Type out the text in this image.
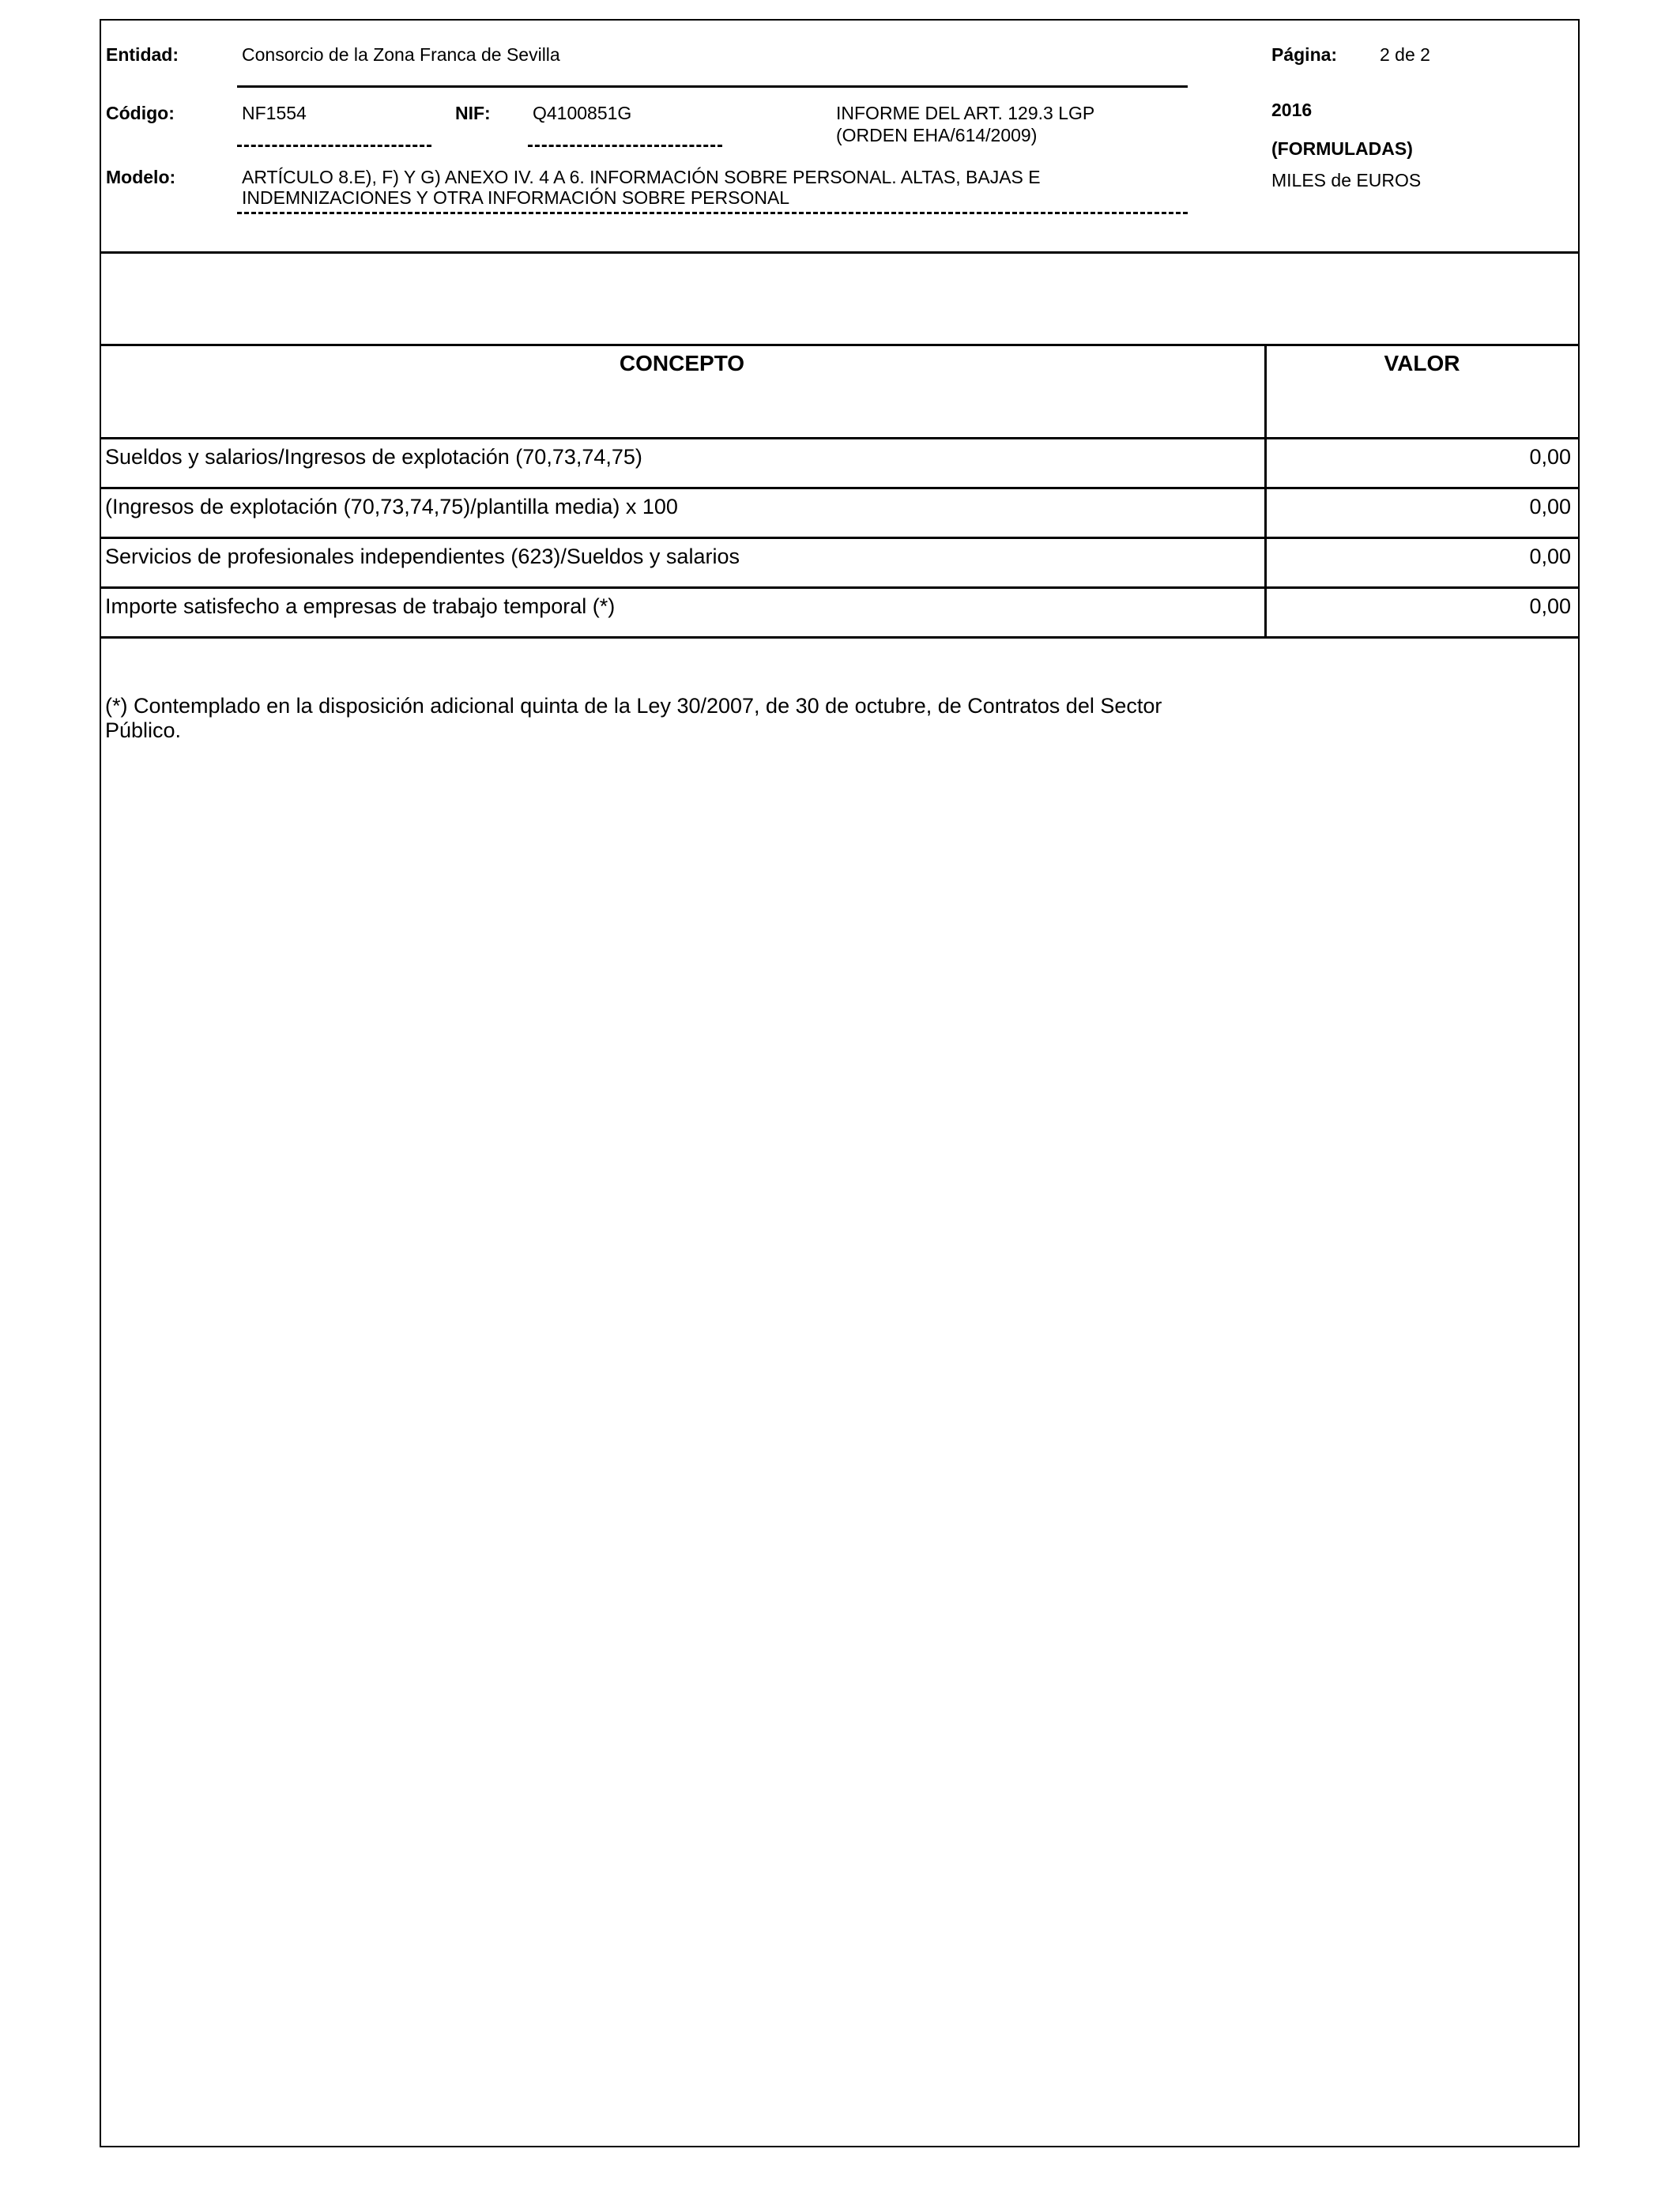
Entidad:	Consorcio de la Zona Franca de Sevilla	Página: 2 de 2
Código:	NF1554	NIF: Q4100851G	INFORME DEL ART. 129.3 LGP
(ORDEN EHA/614/2009)
2016
(FORMULADAS)
MILES de EUROS
Modelo:	ARTÍCULO 8.E), F) Y G) ANEXO IV. 4 A 6. INFORMACIÓN SOBRE PERSONAL. ALTAS, BAJAS E
INDEMNIZACIONES Y OTRA INFORMACIÓN SOBRE PERSONAL
CONCEPTO	VALOR
Sueldos y salarios/Ingresos de explotación (70,73,74,75)	0,00
(Ingresos de explotación (70,73,74,75)/plantilla media) x 100	0,00
Servicios de profesionales independientes (623)/Sueldos y salarios	0,00
Importe satisfecho a empresas de trabajo temporal (*)	0,00
(*) Contemplado en la disposición adicional quinta de la Ley 30/2007, de 30 de octubre, de Contratos del Sector
Público.
